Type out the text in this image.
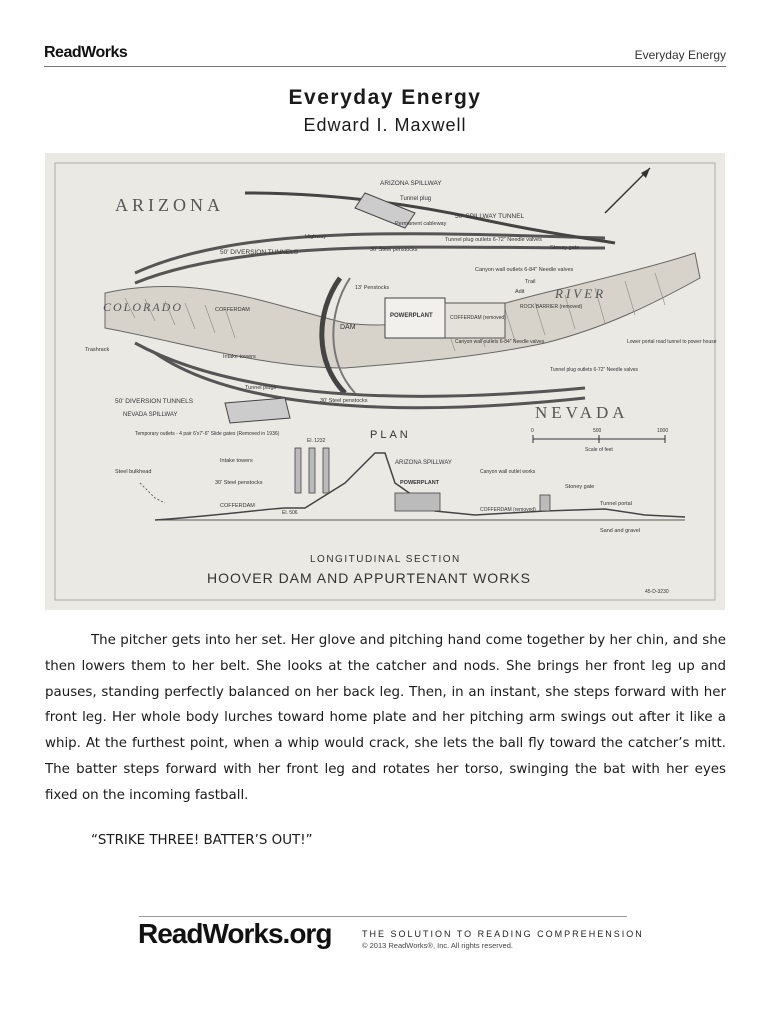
ReadWorks	Everyday Energy
Everyday Energy
Edward I. Maxwell
ARIZONA
NEVADA
COLORADO
RIVER
ARIZONA SPILLWAY
Tunnel plug
50' SPILLWAY TUNNEL
Permanent cableway
Highway
50' DIVERSION TUNNELS	30' Steel penstocks
Tunnel plug outlets 6-72" Needle valves
Stoney gate
Canyon wall outlets 6-84" Needle valves
Trail
Adit
13' Penstocks
COFFERDAM
DAM
POWERPLANT	COFFERDAM (removed)
ROCK BARRIER (removed)
Trashrack
Intake towers
Canyon wall outlets 6-84" Needle valves	Lower portal road tunnel to power house
Tunnel plugs
Tunnel plug outlets 6-72" Needle valves
50' DIVERSION TUNNELS	30' Steel penstocks
NEVADA SPILLWAY
Temporary outlets - 4 pair 6'x7'-6" Slide gates (Removed in 1936)
El. 1232	PLAN	0	500	1000
Scale of feet
Intake towers	ARIZONA SPILLWAY
Steel bulkhead	Canyon wall outlet works
30' Steel penstocks	POWERPLANT
Stoney gate
COFFERDAM
El. 506	COFFERDAM (removed)
Tunnel portal
Sand and gravel
LONGITUDINAL SECTION
HOOVER DAM AND APPURTENANT WORKS
45-D-3230

The pitcher gets into her set. Her glove and pitching hand come together by her chin, and she then lowers them to her belt. She looks at the catcher and nods. She brings her front leg up and pauses, standing perfectly balanced on her back leg. Then, in an instant, she steps forward with her front leg. Her whole body lurches toward home plate and her pitching arm swings out after it like a whip. At the furthest point, when a whip would crack, she lets the ball fly toward the catcher’s mitt. The batter steps forward with her front leg and rotates her torso, swinging the bat with her eyes fixed on the incoming fastball.

“STRIKE THREE! BATTER’S OUT!”
ReadWorks.org	THE SOLUTION TO READING COMPREHENSION
© 2013 ReadWorks®, Inc. All rights reserved.
